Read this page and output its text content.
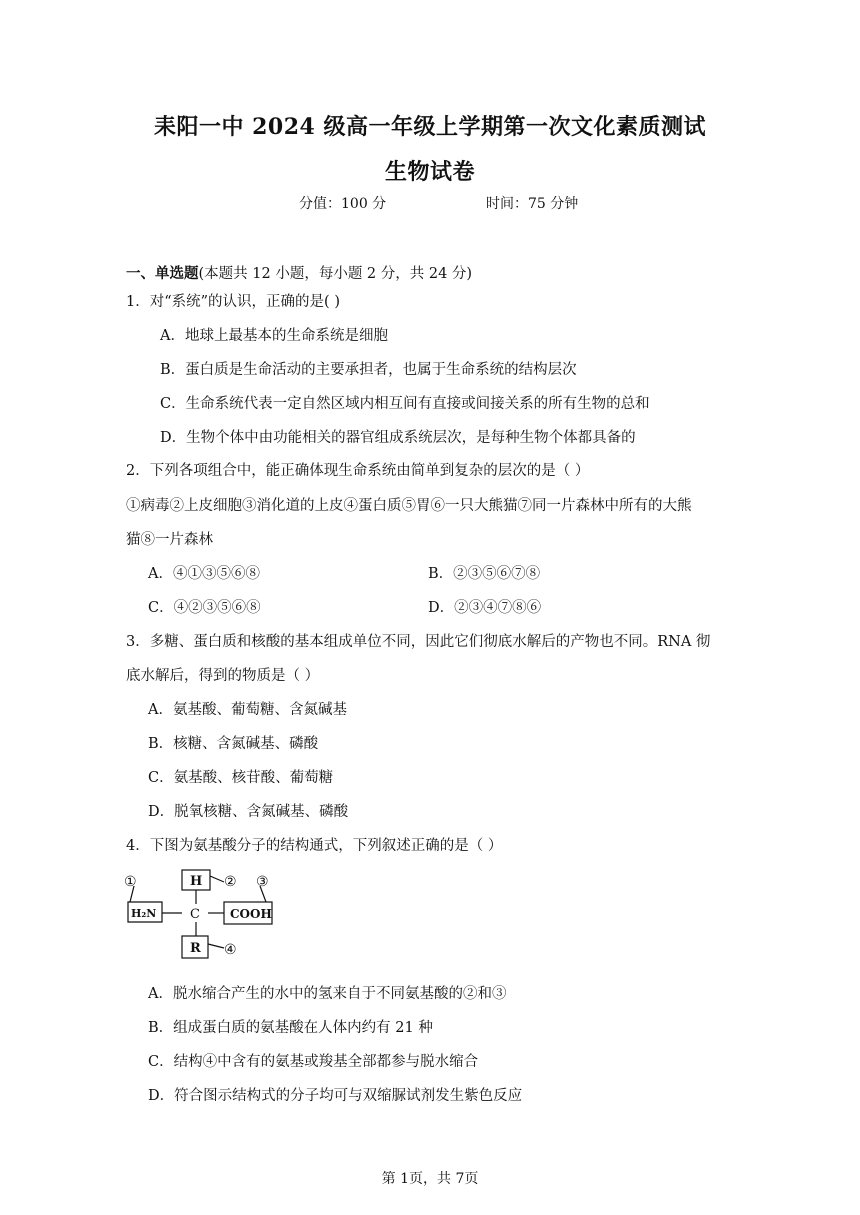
耒阳一中 2024 级高一年级上学期第一次文化素质测试
生物试卷
分值：100 分	时间：75 分钟
一、单选题(本题共 12 小题，每小题 2 分，共 24 分)
1．对“系统”的认识，正确的是( )
A．地球上最基本的生命系统是细胞
B．蛋白质是生命活动的主要承担者，也属于生命系统的结构层次
C．生命系统代表一定自然区域内相互间有直接或间接关系的所有生物的总和
D．生物个体中由功能相关的器官组成系统层次，是每种生物个体都具备的
2．下列各项组合中，能正确体现生命系统由简单到复杂的层次的是（ ）
①病毒②上皮细胞③消化道的上皮④蛋白质⑤胃⑥一只大熊猫⑦同一片森林中所有的大熊
猫⑧一片森林
A．④①③⑤⑥⑧	B．②③⑤⑥⑦⑧
C．④②③⑤⑥⑧	D．②③④⑦⑧⑥
3．多糖、蛋白质和核酸的基本组成单位不同，因此它们彻底水解后的产物也不同。RNA 彻
底水解后，得到的物质是（ ）
A．氨基酸、葡萄糖、含氮碱基
B．核糖、含氮碱基、磷酸
C．氨基酸、核苷酸、葡萄糖
D．脱氧核糖、含氮碱基、磷酸
4．下图为氨基酸分子的结构通式，下列叙述正确的是（ ）
H
C	COOH
R
H₂N
①	② ③
④
A．脱水缩合产生的水中的氢来自于不同氨基酸的②和③
B．组成蛋白质的氨基酸在人体内约有 21 种
C．结构④中含有的氨基或羧基全部都参与脱水缩合
D．符合图示结构式的分子均可与双缩脲试剂发生紫色反应
第 1页，共 7页
